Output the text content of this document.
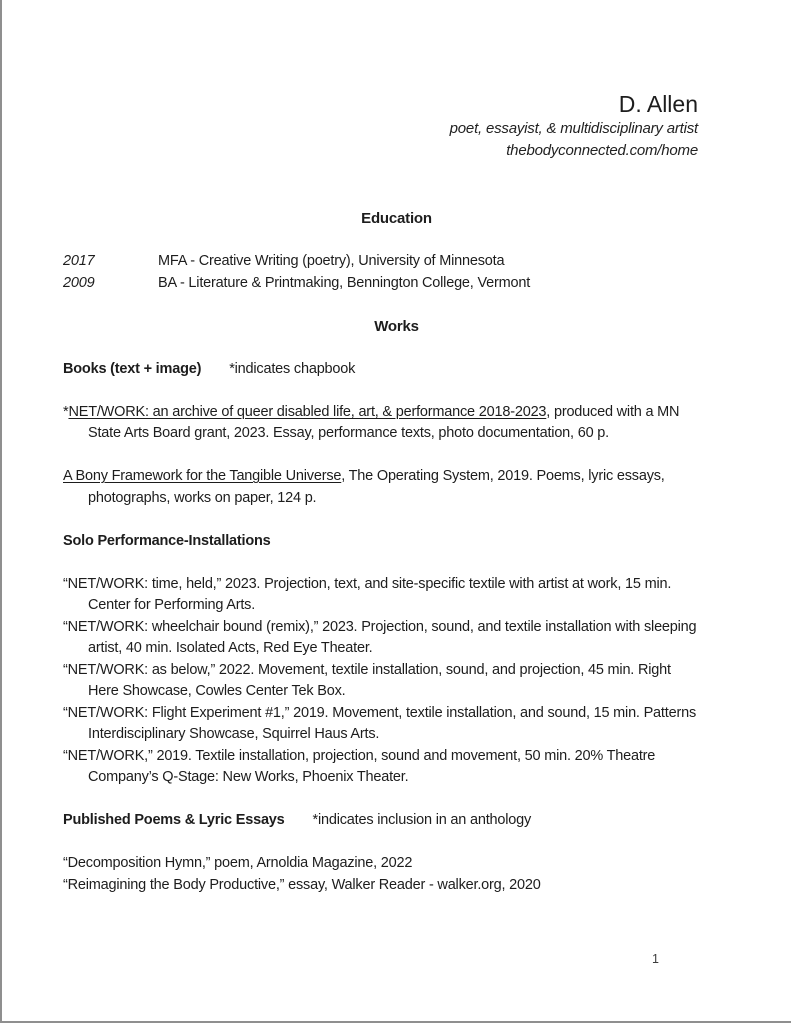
D. Allen
poet, essayist, & multidisciplinary artist
thebodyconnected.com/home
Education
2017	MFA - Creative Writing (poetry), University of Minnesota
2009	BA - Literature & Printmaking, Bennington College, Vermont
Works
Books (text + image) *indicates chapbook
*NET/WORK: an archive of queer disabled life, art, & performance 2018-2023, produced with a MN
State Arts Board grant, 2023. Essay, performance texts, photo documentation, 60 p.
A Bony Framework for the Tangible Universe, The Operating System, 2019. Poems, lyric essays,
photographs, works on paper, 124 p.
Solo Performance-Installations
“NET/WORK: time, held,” 2023. Projection, text, and site-specific textile with artist at work, 15 min.
Center for Performing Arts.
“NET/WORK: wheelchair bound (remix),” 2023. Projection, sound, and textile installation with sleeping
artist, 40 min. Isolated Acts, Red Eye Theater.
“NET/WORK: as below,” 2022. Movement, textile installation, sound, and projection, 45 min. Right
Here Showcase, Cowles Center Tek Box.
“NET/WORK: Flight Experiment #1,” 2019. Movement, textile installation, and sound, 15 min. Patterns
Interdisciplinary Showcase, Squirrel Haus Arts.
“NET/WORK,” 2019. Textile installation, projection, sound and movement, 50 min. 20% Theatre
Company’s Q-Stage: New Works, Phoenix Theater.
Published Poems & Lyric Essays *indicates inclusion in an anthology
“Decomposition Hymn,” poem, Arnoldia Magazine, 2022
“Reimagining the Body Productive,” essay, Walker Reader - walker.org, 2020
1
